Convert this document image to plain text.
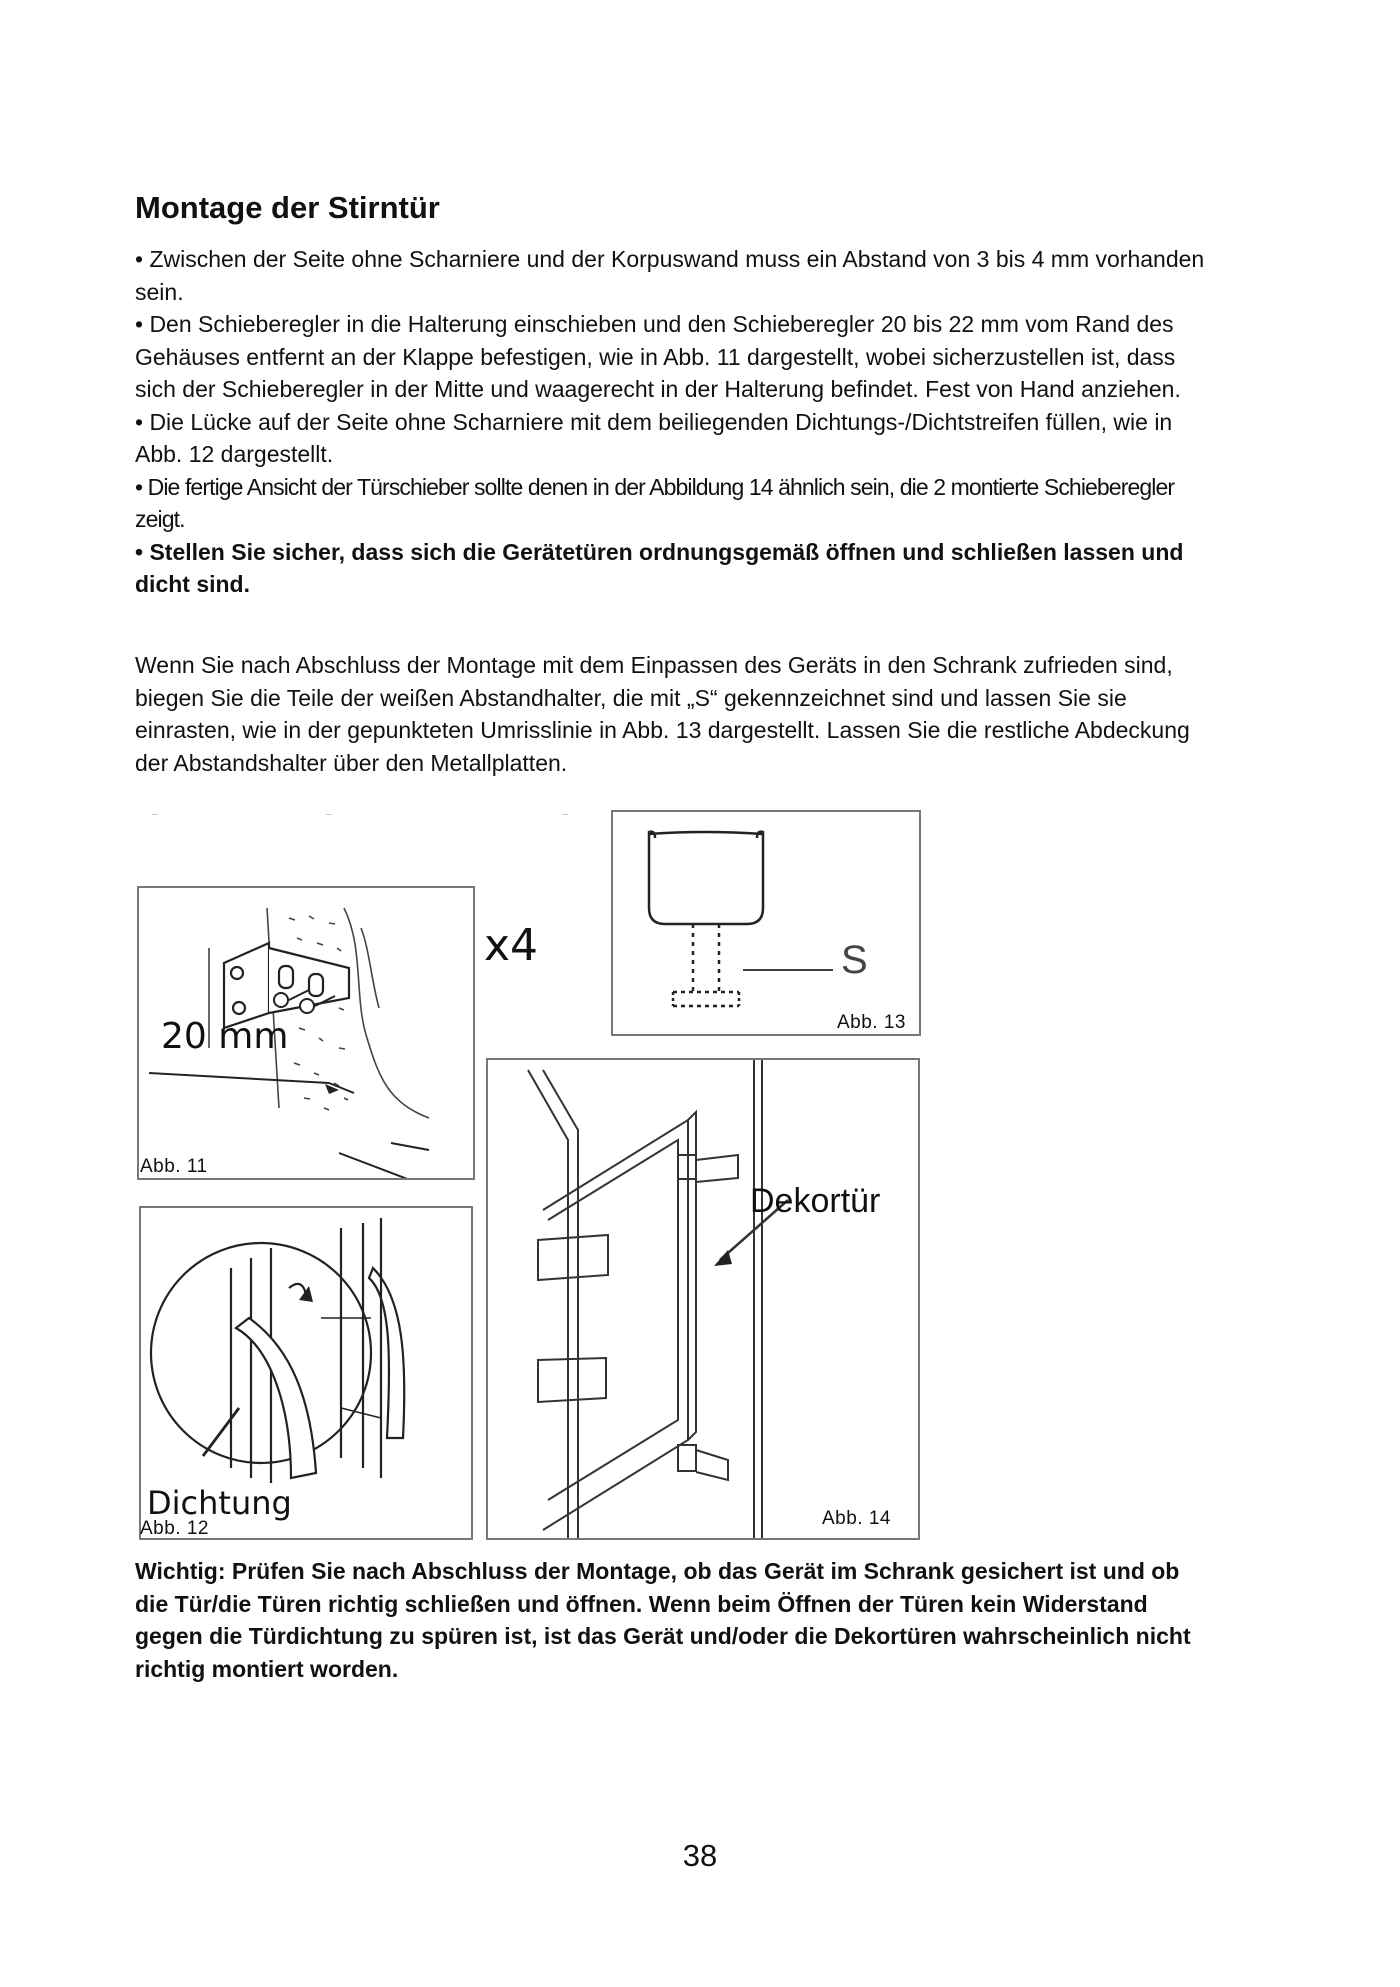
Montage der Stirntür

• Zwischen der Seite ohne Scharniere und der Korpuswand muss ein Abstand von 3 bis 4 mm vorhanden sein.

• Den Schieberegler in die Halterung einschieben und den Schieberegler 20 bis 22 mm vom Rand des Gehäuses entfernt an der Klappe befestigen, wie in Abb. 11 dargestellt, wobei sicherzustellen ist, dass sich der Schieberegler in der Mitte und waagerecht in der Halterung befindet. Fest von Hand anziehen.

• Die Lücke auf der Seite ohne Scharniere mit dem beiliegenden Dichtungs-/Dichtstreifen füllen, wie in Abb. 12 dargestellt.

• Die fertige Ansicht der Türschieber sollte denen in der Abbildung 14 ähnlich sein, die 2 montierte Schieberegler zeigt.

• Stellen Sie sicher, dass sich die Gerätetüren ordnungsgemäß öffnen und schließen lassen und dicht sind.

Wenn Sie nach Abschluss der Montage mit dem Einpassen des Geräts in den Schrank zufrieden sind, biegen Sie die Teile der weißen Abstandhalter, die mit „S“ gekennzeichnet sind und lassen Sie sie einrasten, wie in der gepunkteten Umrisslinie in Abb. 13 dargestellt. Lassen Sie die restliche Abdeckung der Abstandshalter über den Metallplatten.

20 mm
Abb. 11
x4	S
Abb. 13
Dichtung
Abb. 12
Dekortür
Abb. 14

Wichtig: Prüfen Sie nach Abschluss der Montage, ob das Gerät im Schrank gesichert ist und ob die Tür/die Türen richtig schließen und öffnen. Wenn beim Öffnen der Türen kein Widerstand gegen die Türdichtung zu spüren ist, ist das Gerät und/oder die Dekortüren wahrscheinlich nicht richtig montiert worden.

38
